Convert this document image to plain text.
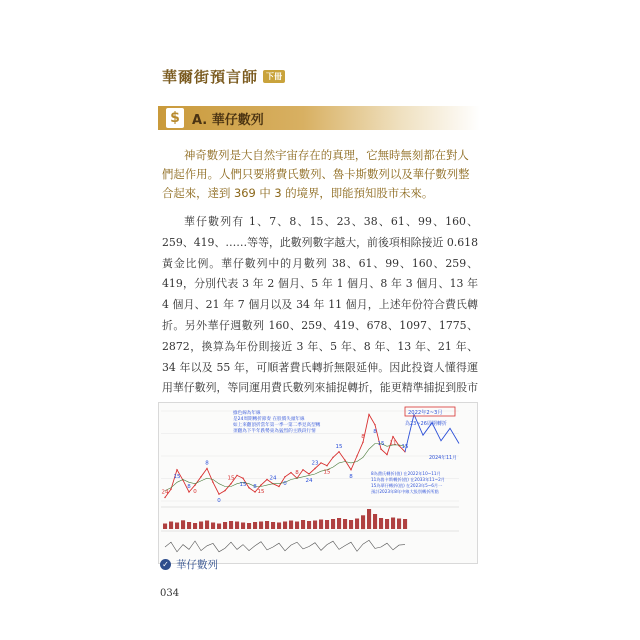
華爾街預言師	下冊
$ A. 華仔數列

神奇數列是大自然宇宙存在的真理，它無時無刻都在對人們起作用。人們只要將費氏數列、魯卡斯數列以及華仔數列整合起來，達到 369 中 3 的境界，即能預知股市未來。

華仔數列有 1、7、8、15、23、38、61、99、160、259、419、……等等，此數列數字越大，前後項相除接近 0.618 黃金比例。華仔數列中的月數列 38、61、99、160、259、419，分別代表 3 年 2 個月、5 年 1 個月、8 年 3 個月、13 年 4 個月、21 年 7 個月以及 34 年 11 個月，上述年份符合費氏轉折。另外華仔週數列 160、259、419、678、1097、1775、2872，換算為年份則接近 3 年、5 年、8 年、13 年、21 年、34 年以及 55 年，可順著費氏轉折無限延伸。因此投資人懂得運用華仔數列，等同運用費氏數列來捕捉轉折，能更精準捕捉到股市

24
15
8
0
8
0
15
15 8
15
24
0
8
24
23
15
15
8
8
8
15 11
15
綠色線為年線
是24周期轉折節奏 在股價失頭年線
如上來翻頂折當年第一季一第二季見高型轉
須翻為下半年跌勢東為猛烈的主跌段行情
2022年2~3月
為23~26周期轉折
2024年11月
8為費氏轉折(值) 在2022年10~11月
11為魯卡斯轉折(值) 在2033年11~2月
15為華仔轉折(值) 在2023年5~6月一
預計2023年8年中線大級別轉折所點
✓ 華仔數列
034
